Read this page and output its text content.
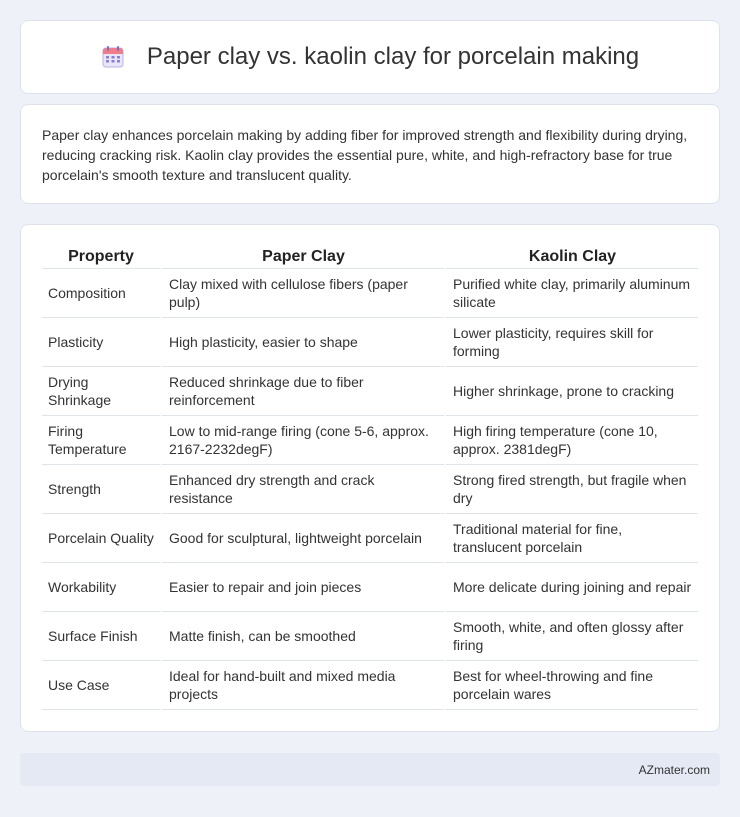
Paper clay vs. kaolin clay for porcelain making

Paper clay enhances porcelain making by adding fiber for improved strength and flexibility during drying, reducing cracking risk. Kaolin clay provides the essential pure, white, and high-refractory base for true porcelain's smooth texture and translucent quality.

Property	Paper Clay	Kaolin Clay
Composition	Clay mixed with cellulose fibers (paper pulp)	Purified white clay, primarily aluminum silicate
Plasticity	High plasticity, easier to shape	Lower plasticity, requires skill for forming
Drying Shrinkage	Reduced shrinkage due to fiber reinforcement	Higher shrinkage, prone to cracking
Firing Temperature	Low to mid-range firing (cone 5-6, approx. 2167-2232degF)	High firing temperature (cone 10, approx. 2381degF)
Strength	Enhanced dry strength and crack resistance	Strong fired strength, but fragile when dry
Porcelain Quality	Good for sculptural, lightweight porcelain	Traditional material for fine, translucent porcelain
Workability	Easier to repair and join pieces	More delicate during joining and repair
Surface Finish	Matte finish, can be smoothed	Smooth, white, and often glossy after firing
Use Case	Ideal for hand-built and mixed media projects	Best for wheel-throwing and fine porcelain wares
AZmater.com
